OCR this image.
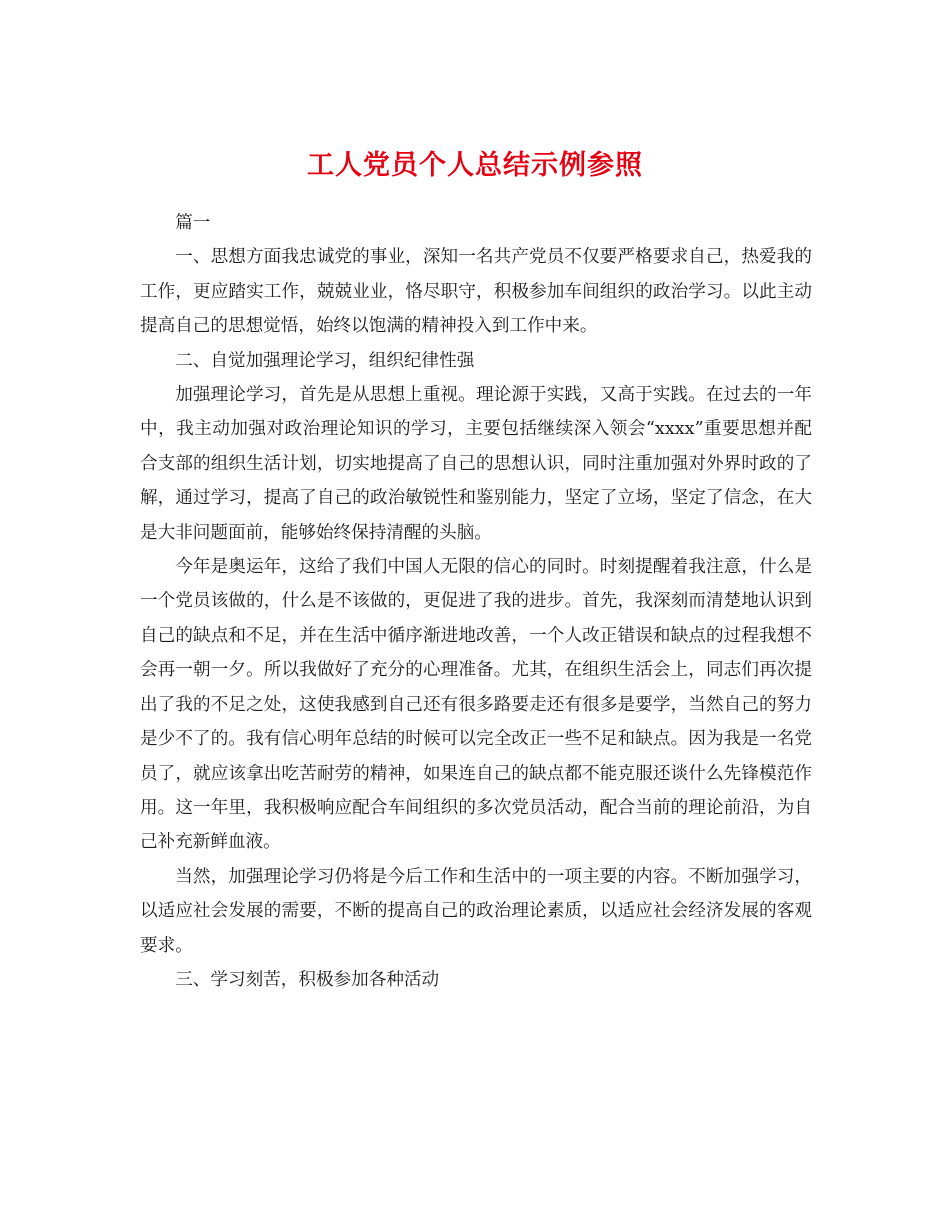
工人党员个人总结示例参照

篇一

一、思想方面我忠诚党的事业，深知一名共产党员不仅要严格要求自己，热爱我的工作，更应踏实工作，兢兢业业，恪尽职守，积极参加车间组织的政治学习。以此主动提高自己的思想觉悟，始终以饱满的精神投入到工作中来。

二、自觉加强理论学习，组织纪律性强

加强理论学习，首先是从思想上重视。理论源于实践，又高于实践。在过去的一年中，我主动加强对政治理论知识的学习，主要包括继续深入领会“xxxx”重要思想并配合支部的组织生活计划，切实地提高了自己的思想认识，同时注重加强对外界时政的了解，通过学习，提高了自己的政治敏锐性和鉴别能力，坚定了立场，坚定了信念，在大是大非问题面前，能够始终保持清醒的头脑。

今年是奥运年，这给了我们中国人无限的信心的同时。时刻提醒着我注意，什么是一个党员该做的，什么是不该做的，更促进了我的进步。首先，我深刻而清楚地认识到自己的缺点和不足，并在生活中循序渐进地改善，一个人改正错误和缺点的过程我想不会再一朝一夕。所以我做好了充分的心理准备。尤其，在组织生活会上，同志们再次提出了我的不足之处，这使我感到自己还有很多路要走还有很多是要学，当然自己的努力是少不了的。我有信心明年总结的时候可以完全改正一些不足和缺点。因为我是一名党员了，就应该拿出吃苦耐劳的精神，如果连自己的缺点都不能克服还谈什么先锋模范作用。这一年里，我积极响应配合车间组织的多次党员活动，配合当前的理论前沿，为自己补充新鲜血液。

当然，加强理论学习仍将是今后工作和生活中的一项主要的内容。不断加强学习，以适应社会发展的需要，不断的提高自己的政治理论素质，以适应社会经济发展的客观要求。

三、学习刻苦，积极参加各种活动
